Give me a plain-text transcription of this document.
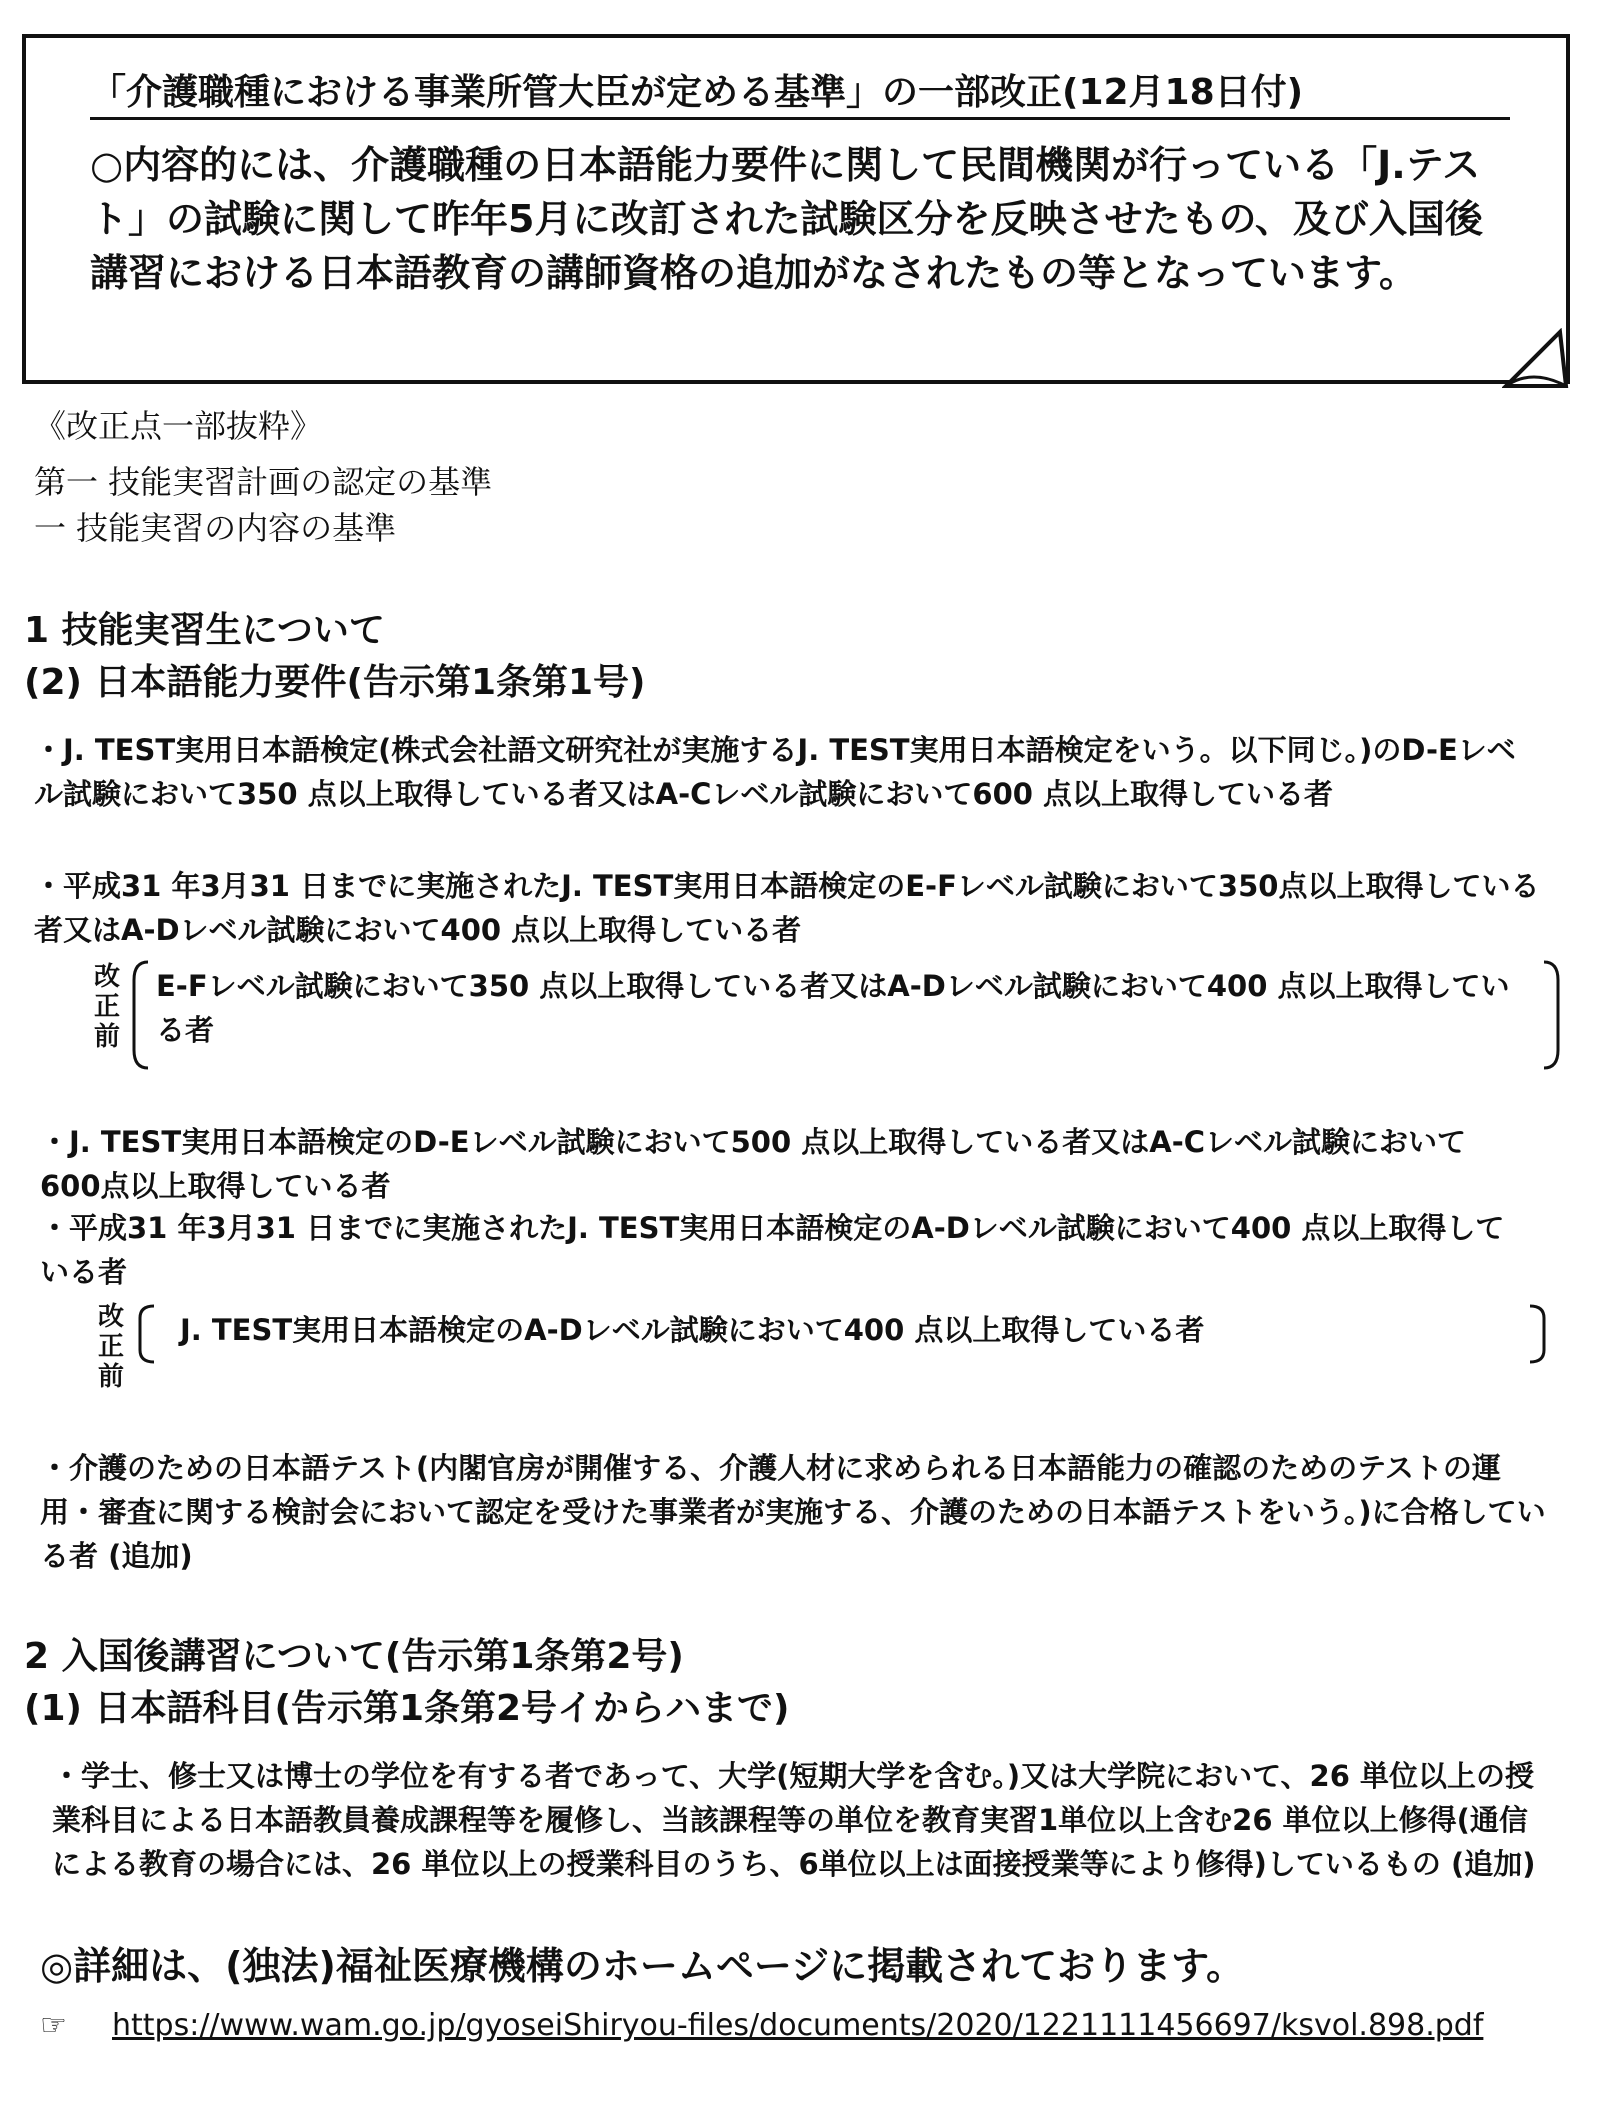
「介護職種における事業所管大臣が定める基準」の一部改正(12月18日付)
○内容的には、介護職種の日本語能力要件に関して民間機関が行っている「J.テスト」の試験に関して昨年5月に改訂された試験区分を反映させたもの、及び入国後講習における日本語教育の講師資格の追加がなされたもの等となっています。
《改正点一部抜粋》
第一 技能実習計画の認定の基準
一 技能実習の内容の基準
1 技能実習生について
(2) 日本語能力要件(告示第1条第1号)
・J. TEST実用日本語検定(株式会社語文研究社が実施するJ. TEST実用日本語検定をいう。以下同じ。)のD-Eレベル試験において350 点以上取得している者又はA-Cレベル試験において600 点以上取得している者
・平成31 年3月31 日までに実施されたJ. TEST実用日本語検定のE-Fレベル試験において350点以上取得している者又はA-Dレベル試験において400 点以上取得している者
改正前
E-Fレベル試験において350 点以上取得している者又はA-Dレベル試験において400 点以上取得している者
・J. TEST実用日本語検定のD-Eレベル試験において500 点以上取得している者又はA-Cレベル試験において600点以上取得している者
・平成31 年3月31 日までに実施されたJ. TEST実用日本語検定のA-Dレベル試験において400 点以上取得している者
改正前
J. TEST実用日本語検定のA-Dレベル試験において400 点以上取得している者
・介護のための日本語テスト(内閣官房が開催する、介護人材に求められる日本語能力の確認のためのテストの運用・審査に関する検討会において認定を受けた事業者が実施する、介護のための日本語テストをいう。)に合格している者 (追加)
2 入国後講習について(告示第1条第2号)
(1) 日本語科目(告示第1条第2号イからハまで)
・学士、修士又は博士の学位を有する者であって、大学(短期大学を含む。)又は大学院において、26 単位以上の授業科目による日本語教員養成課程等を履修し、当該課程等の単位を教育実習1単位以上含む26 単位以上修得(通信による教育の場合には、26 単位以上の授業科目のうち、6単位以上は面接授業等により修得)しているもの (追加)
◎詳細は、(独法)福祉医療機構のホームページに掲載されております。
☞ https://www.wam.go.jp/gyoseiShiryou-files/documents/2020/1221111456697/ksvol.898.pdf
